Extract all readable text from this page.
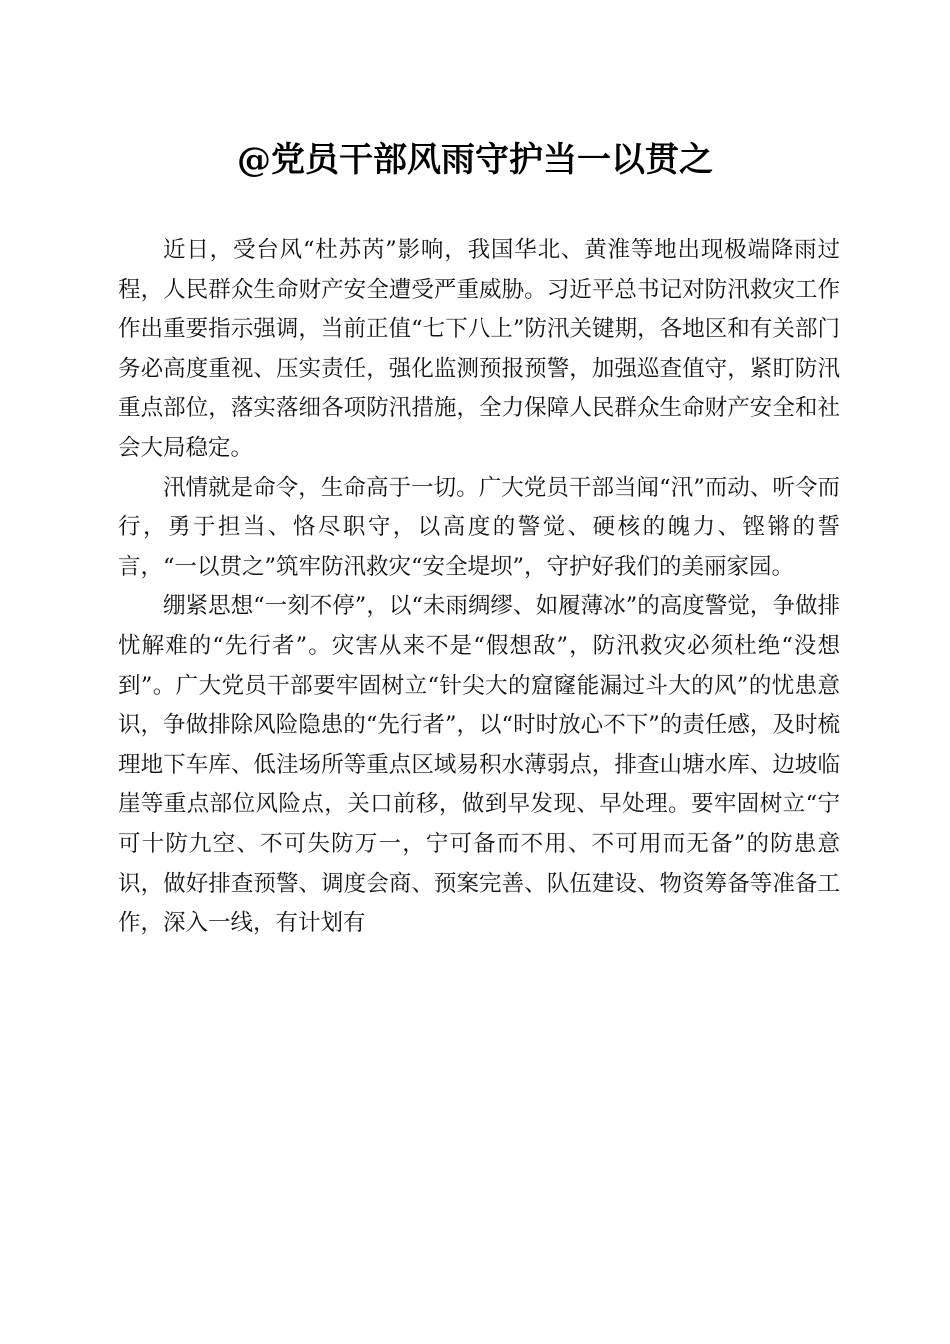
@党员干部风雨守护当一以贯之

近日，受台风“杜苏芮”影响，我国华北、黄淮等地出现极端降雨过程，人民群众生命财产安全遭受严重威胁。习近平总书记对防汛救灾工作作出重要指示强调，当前正值“七下八上”防汛关键期，各地区和有关部门务必高度重视、压实责任，强化监测预报预警，加强巡查值守，紧盯防汛重点部位，落实落细各项防汛措施，全力保障人民群众生命财产安全和社会大局稳定。

汛情就是命令，生命高于一切。广大党员干部当闻“汛”而动、听令而行，勇于担当、恪尽职守，以高度的警觉、硬核的魄力、铿锵的誓言，“一以贯之”筑牢防汛救灾“安全堤坝”，守护好我们的美丽家园。

绷紧思想“一刻不停”，以“未雨绸缪、如履薄冰”的高度警觉，争做排忧解难的“先行者”。灾害从来不是“假想敌”，防汛救灾必须杜绝“没想到”。广大党员干部要牢固树立“针尖大的窟窿能漏过斗大的风”的忧患意识，争做排除风险隐患的“先行者”，以“时时放心不下”的责任感，及时梳理地下车库、低洼场所等重点区域易积水薄弱点，排查山塘水库、边坡临崖等重点部位风险点，关口前移，做到早发现、早处理。要牢固树立“宁可十防九空、不可失防万一，宁可备而不用、不可用而无备”的防患意识，做好排查预警、调度会商、预案完善、队伍建设、物资筹备等准备工作，深入一线，有计划有
